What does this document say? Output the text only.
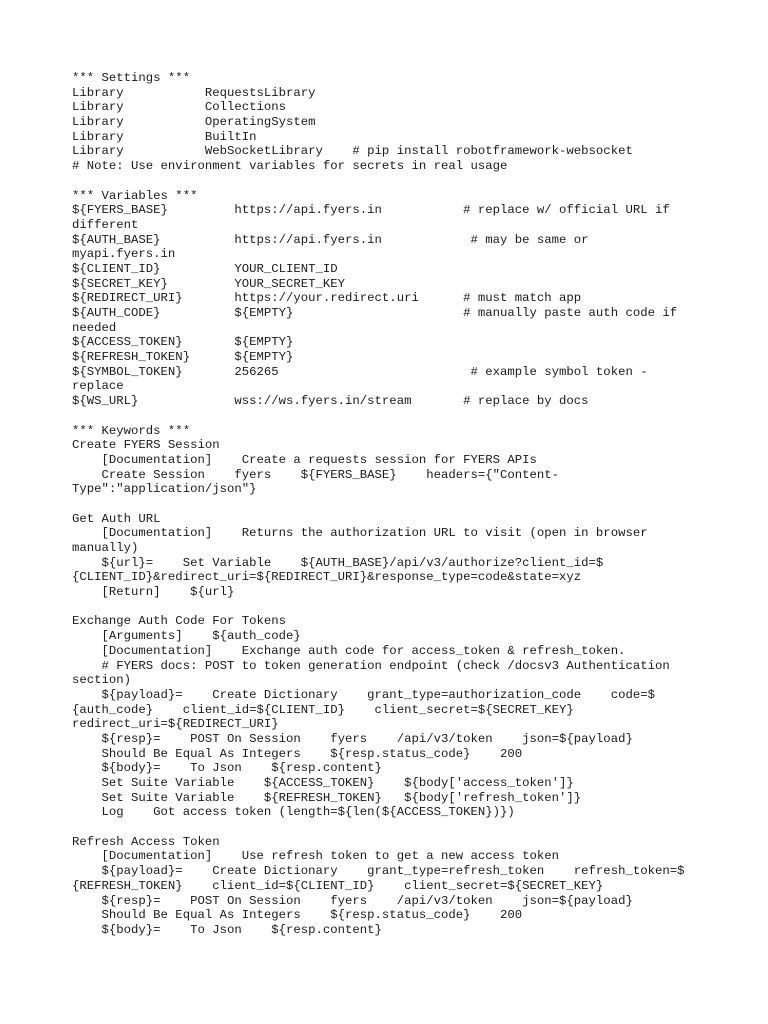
*** Settings ***
Library           RequestsLibrary
Library           Collections
Library           OperatingSystem
Library           BuiltIn
Library           WebSocketLibrary    # pip install robotframework-websocket
# Note: Use environment variables for secrets in real usage
*** Variables ***
${FYERS_BASE}         https://api.fyers.in           # replace w/ official URL if
different
${AUTH_BASE}          https://api.fyers.in            # may be same or
myapi.fyers.in
${CLIENT_ID}          YOUR_CLIENT_ID
${SECRET_KEY}         YOUR_SECRET_KEY
${REDIRECT_URI}       https://your.redirect.uri      # must match app
${AUTH_CODE}          ${EMPTY}                       # manually paste auth code if
needed
${ACCESS_TOKEN}       ${EMPTY}
${REFRESH_TOKEN}      ${EMPTY}
${SYMBOL_TOKEN}       256265                          # example symbol token -
replace
${WS_URL}             wss://ws.fyers.in/stream       # replace by docs
*** Keywords ***
Create FYERS Session
[Documentation]    Create a requests session for FYERS APIs
Create Session    fyers    ${FYERS_BASE}    headers={"Content-
Type":"application/json"}
Get Auth URL
[Documentation]    Returns the authorization URL to visit (open in browser
manually)
${url}=    Set Variable    ${AUTH_BASE}/api/v3/authorize?client_id=$
{CLIENT_ID}&redirect_uri=${REDIRECT_URI}&response_type=code&state=xyz
[Return]    ${url}
Exchange Auth Code For Tokens
[Arguments]    ${auth_code}
[Documentation]    Exchange auth code for access_token & refresh_token.
# FYERS docs: POST to token generation endpoint (check /docsv3 Authentication
section)
${payload}=    Create Dictionary    grant_type=authorization_code    code=$
{auth_code}    client_id=${CLIENT_ID}    client_secret=${SECRET_KEY}
redirect_uri=${REDIRECT_URI}
${resp}=    POST On Session    fyers    /api/v3/token    json=${payload}
Should Be Equal As Integers    ${resp.status_code}    200
${body}=    To Json    ${resp.content}
Set Suite Variable    ${ACCESS_TOKEN}    ${body['access_token']}
Set Suite Variable    ${REFRESH_TOKEN}   ${body['refresh_token']}
Log    Got access token (length=${len(${ACCESS_TOKEN})})
Refresh Access Token
[Documentation]    Use refresh token to get a new access token
${payload}=    Create Dictionary    grant_type=refresh_token    refresh_token=$
{REFRESH_TOKEN}    client_id=${CLIENT_ID}    client_secret=${SECRET_KEY}
${resp}=    POST On Session    fyers    /api/v3/token    json=${payload}
Should Be Equal As Integers    ${resp.status_code}    200
${body}=    To Json    ${resp.content}
